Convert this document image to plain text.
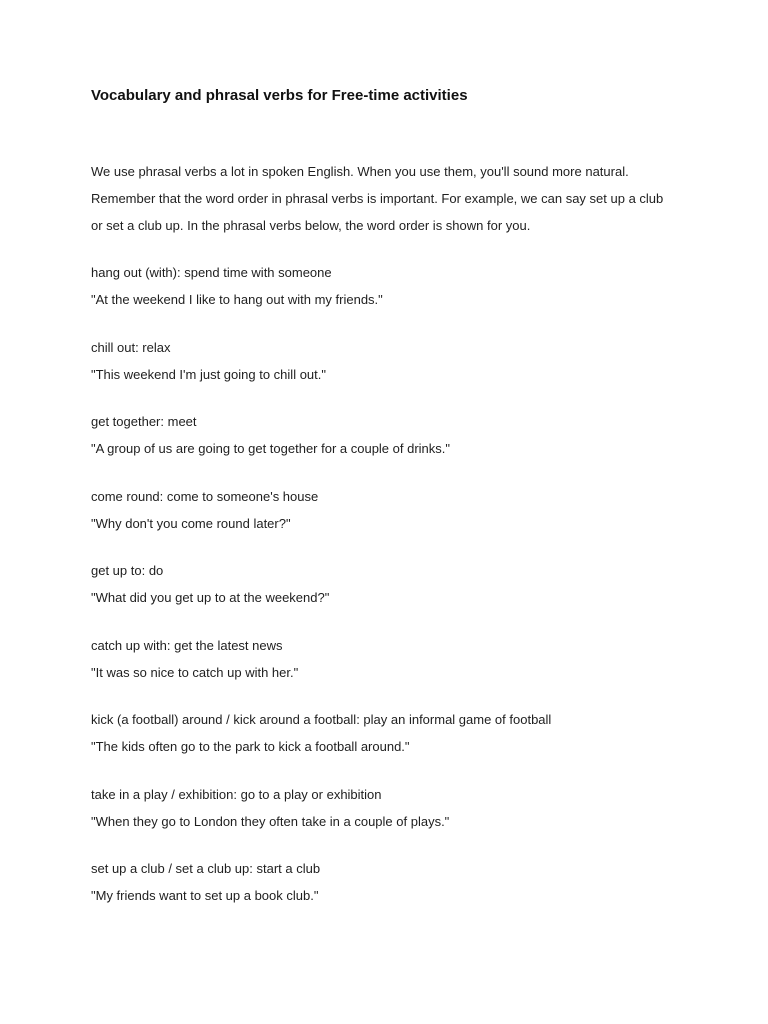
Vocabulary and phrasal verbs for Free-time activities

We use phrasal verbs a lot in spoken English. When you use them, you'll sound more natural.

Remember that the word order in phrasal verbs is important. For example, we can say set up a club

or set a club up. In the phrasal verbs below, the word order is shown for you.

hang out (with): spend time with someone

"At the weekend I like to hang out with my friends."

chill out: relax

"This weekend I'm just going to chill out."

get together: meet

"A group of us are going to get together for a couple of drinks."

come round: come to someone's house

"Why don't you come round later?"

get up to: do

"What did you get up to at the weekend?"

catch up with: get the latest news

"It was so nice to catch up with her."

kick (a football) around / kick around a football: play an informal game of football

"The kids often go to the park to kick a football around."

take in a play / exhibition: go to a play or exhibition

"When they go to London they often take in a couple of plays."

set up a club / set a club up: start a club

"My friends want to set up a book club."
